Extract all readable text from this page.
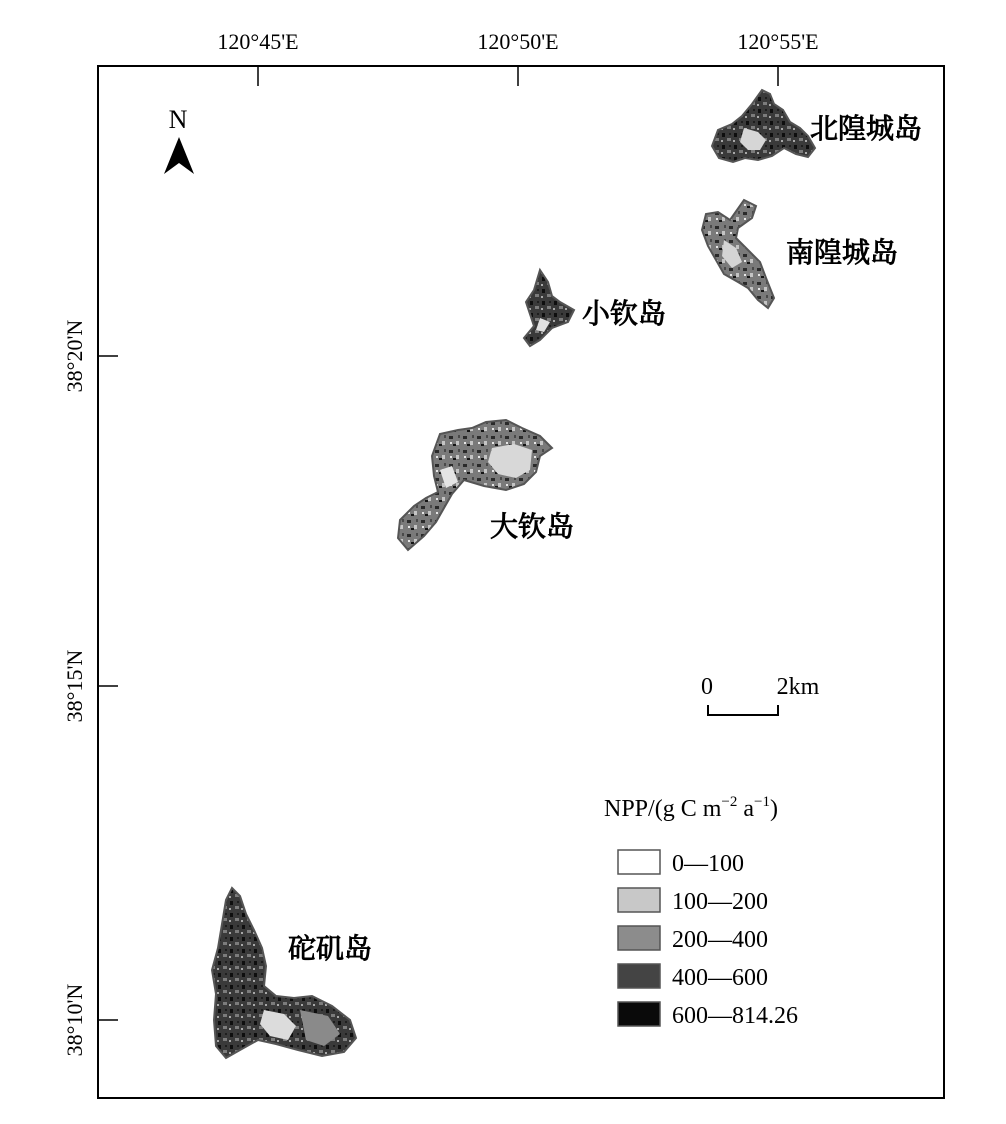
120°45'E	120°50'E	120°55'E
38°20'N
38°15'N
38°10'N
N	北隍城岛
南隍城岛
小钦岛
大钦岛
砣矶岛
0	2km
NPP/(g C $m^{-2}$ $a^{-1}$)
0—100
100—200
200—400
400—600
600—814.26
